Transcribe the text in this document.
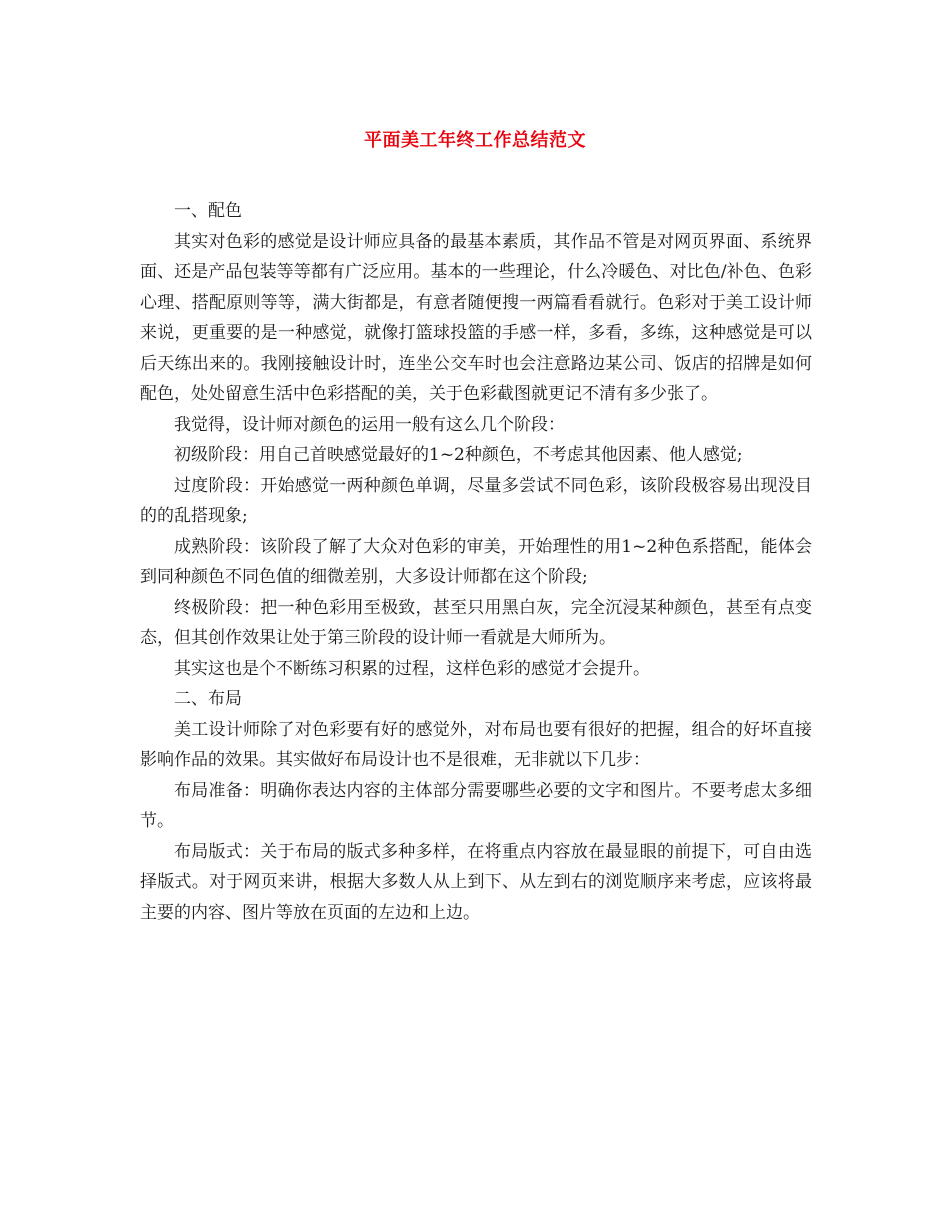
平面美工年终工作总结范文

一、配色

其实对色彩的感觉是设计师应具备的最基本素质，其作品不管是对网页界面、系统界面、还是产品包装等等都有广泛应用。基本的一些理论，什么冷暖色、对比色/补色、色彩心理、搭配原则等等，满大街都是，有意者随便搜一两篇看看就行。色彩对于美工设计师来说，更重要的是一种感觉，就像打篮球投篮的手感一样，多看，多练，这种感觉是可以后天练出来的。我刚接触设计时，连坐公交车时也会注意路边某公司、饭店的招牌是如何配色，处处留意生活中色彩搭配的美，关于色彩截图就更记不清有多少张了。

我觉得，设计师对颜色的运用一般有这么几个阶段：

初级阶段：用自己首映感觉最好的1~2种颜色，不考虑其他因素、他人感觉;

过度阶段：开始感觉一两种颜色单调，尽量多尝试不同色彩，该阶段极容易出现没目的的乱搭现象;

成熟阶段：该阶段了解了大众对色彩的审美，开始理性的用1~2种色系搭配，能体会到同种颜色不同色值的细微差别，大多设计师都在这个阶段;

终极阶段：把一种色彩用至极致，甚至只用黑白灰，完全沉浸某种颜色，甚至有点变态，但其创作效果让处于第三阶段的设计师一看就是大师所为。

其实这也是个不断练习积累的过程，这样色彩的感觉才会提升。

二、布局

美工设计师除了对色彩要有好的感觉外，对布局也要有很好的把握，组合的好坏直接影响作品的效果。其实做好布局设计也不是很难，无非就以下几步：

布局准备：明确你表达内容的主体部分需要哪些必要的文字和图片。不要考虑太多细节。

布局版式：关于布局的版式多种多样，在将重点内容放在最显眼的前提下，可自由选择版式。对于网页来讲，根据大多数人从上到下、从左到右的浏览顺序来考虑，应该将最主要的内容、图片等放在页面的左边和上边。
